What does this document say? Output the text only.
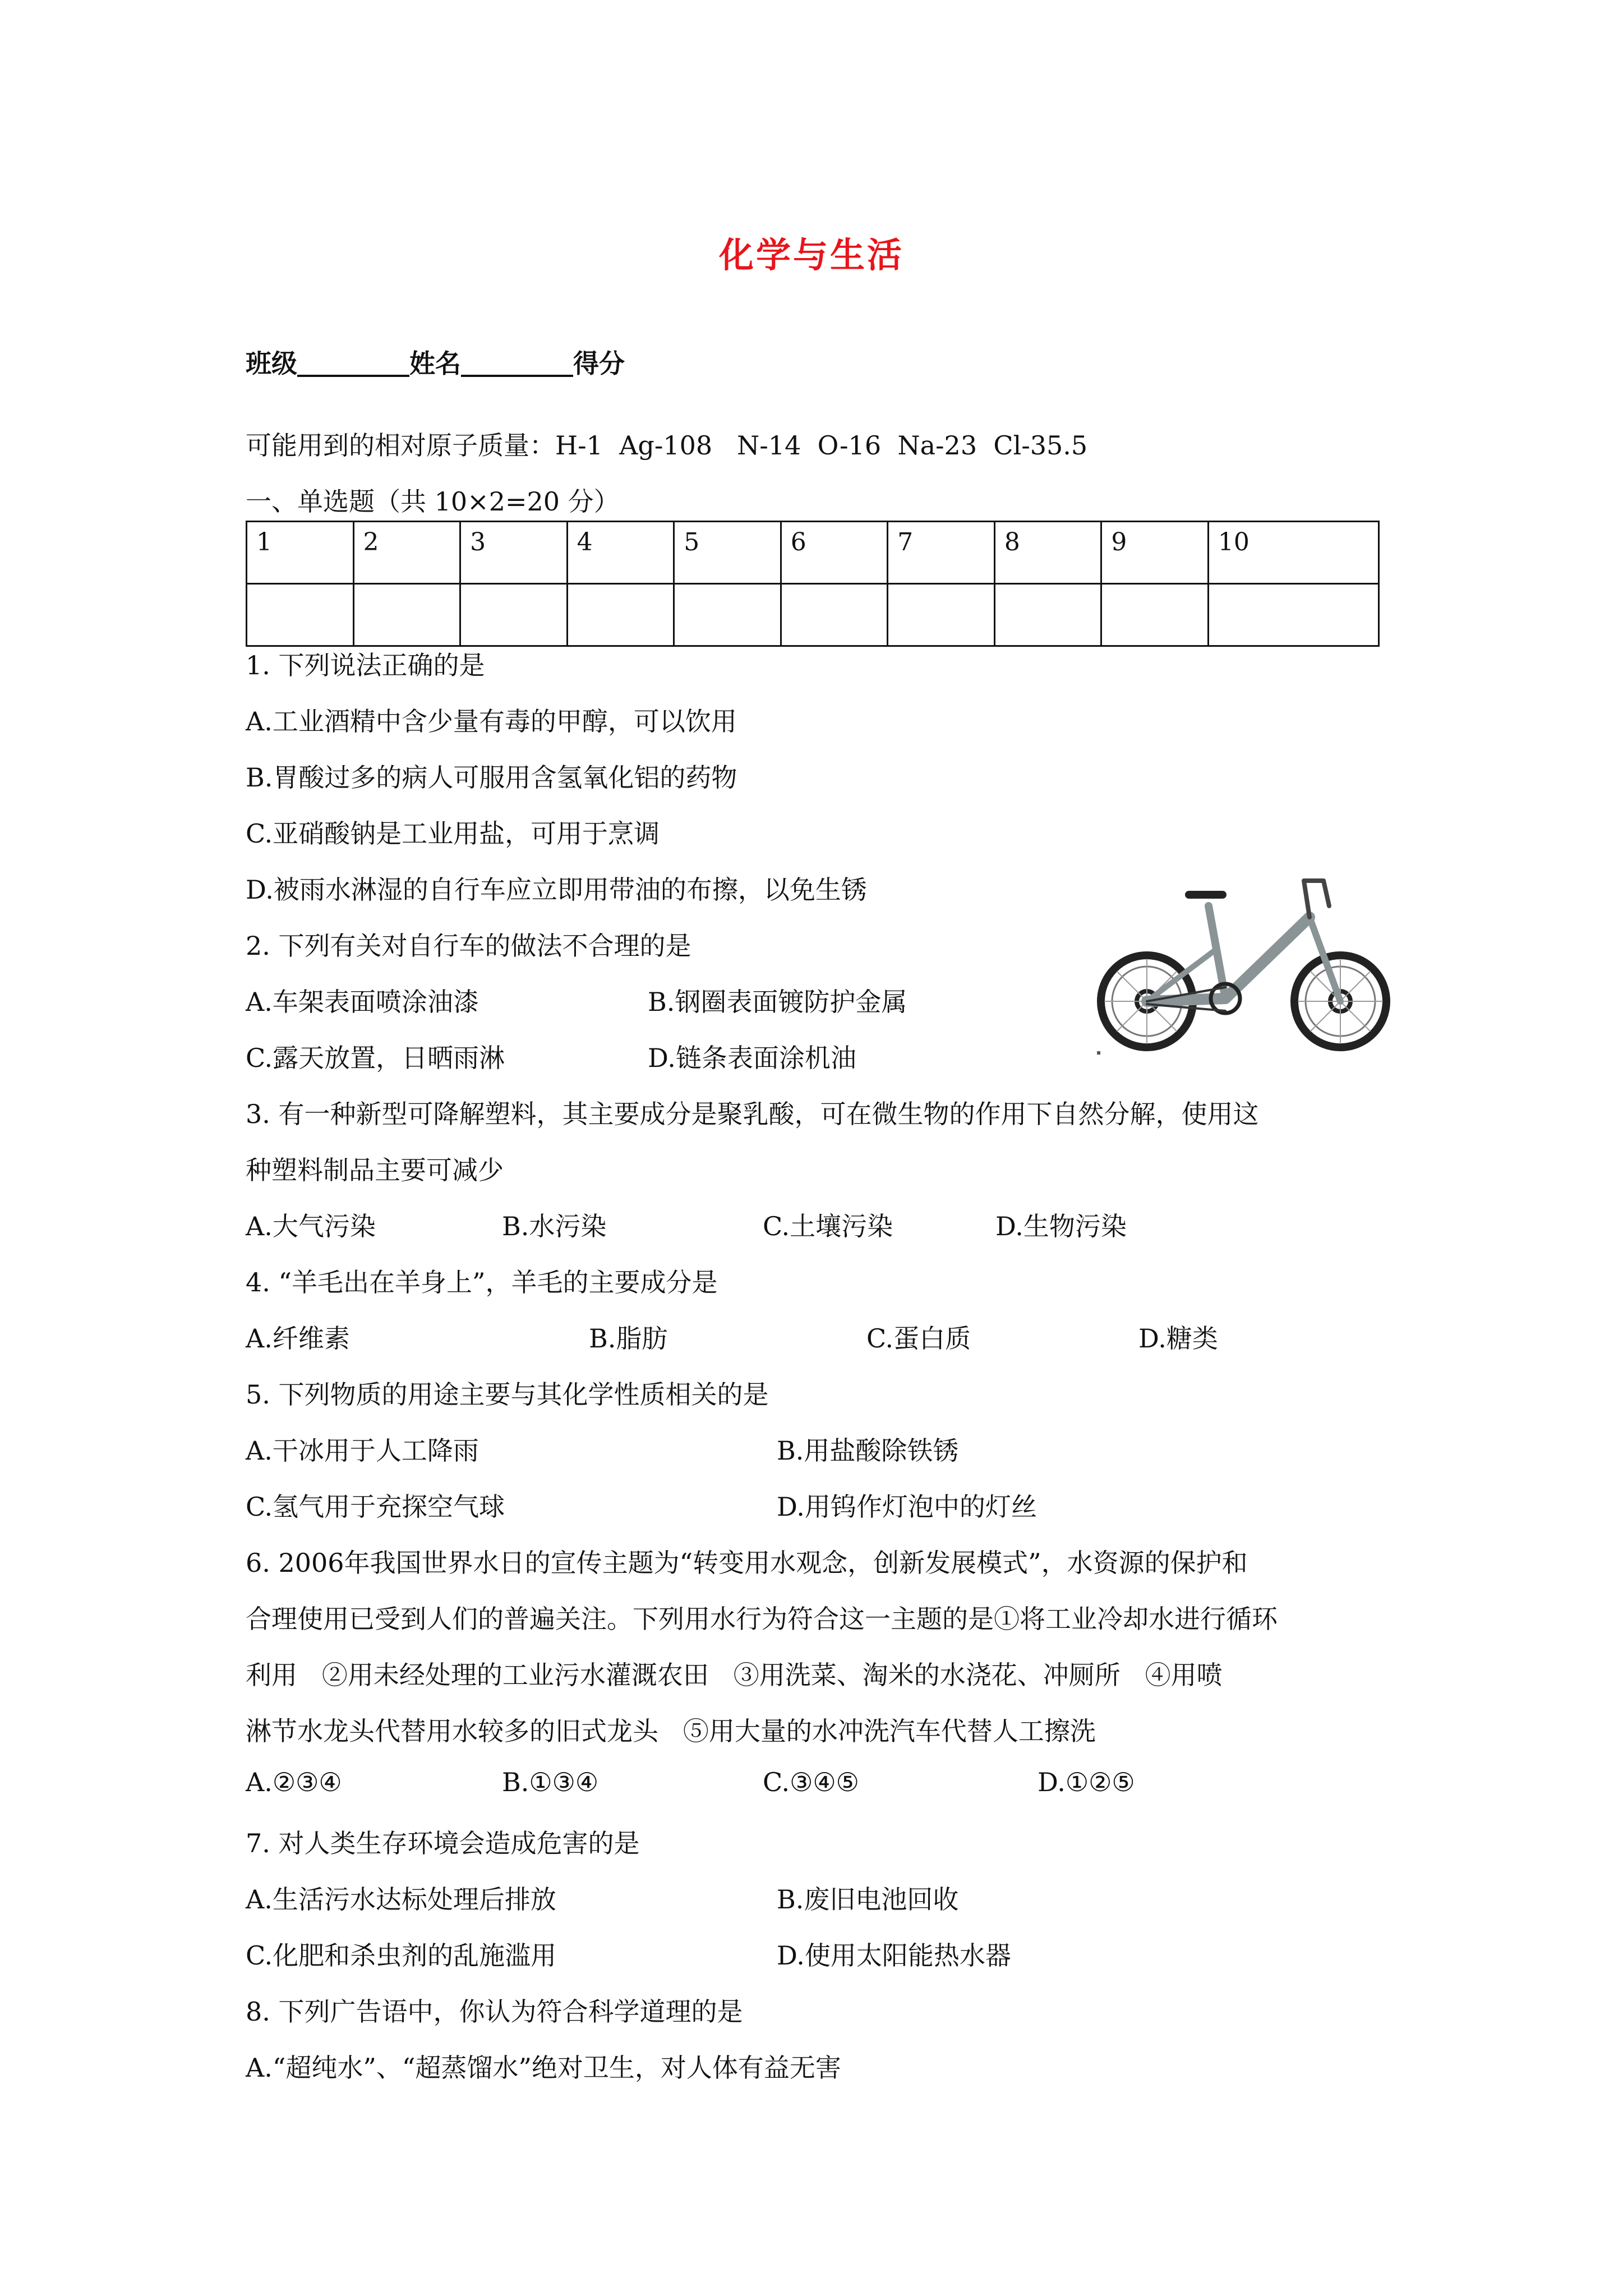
化学与生活
班级	姓名	得分
可能用到的相对原子质量：H-1  Ag-108   N-14  O-16  Na-23  Cl-35.5
一、单选题（共 10×2=20 分）
1	2	3	4	5	6	7	8	9	10

1. 下列说法正确的是
A.工业酒精中含少量有毒的甲醇，可以饮用
B.胃酸过多的病人可服用含氢氧化铝的药物
C.亚硝酸钠是工业用盐，可用于烹调
D.被雨水淋湿的自行车应立即用带油的布擦，以免生锈
2. 下列有关对自行车的做法不合理的是
A.车架表面喷涂油漆	B.钢圈表面镀防护金属
C.露天放置，日晒雨淋	D.链条表面涂机油	▪
3. 有一种新型可降解塑料，其主要成分是聚乳酸，可在微生物的作用下自然分解，使用这
种塑料制品主要可减少
A.大气污染	B.水污染	C.土壤污染	D.生物污染
4. “羊毛出在羊身上”，羊毛的主要成分是
A.纤维素	B.脂肪	C.蛋白质	D.糖类
5. 下列物质的用途主要与其化学性质相关的是
A.干冰用于人工降雨	B.用盐酸除铁锈
C.氢气用于充探空气球	D.用钨作灯泡中的灯丝
6. 2006年我国世界水日的宣传主题为“转变用水观念，创新发展模式”，水资源的保护和
合理使用已受到人们的普遍关注。下列用水行为符合这一主题的是①将工业冷却水进行循环
利用   ②用未经处理的工业污水灌溉农田   ③用洗菜、淘米的水浇花、冲厕所   ④用喷
淋节水龙头代替用水较多的旧式龙头   ⑤用大量的水冲洗汽车代替人工擦洗
A.②③④	B.①③④	C.③④⑤	D.①②⑤
7. 对人类生存环境会造成危害的是
A.生活污水达标处理后排放	B.废旧电池回收
C.化肥和杀虫剂的乱施滥用	D.使用太阳能热水器
8. 下列广告语中，你认为符合科学道理的是
A.“超纯水”、“超蒸馏水”绝对卫生，对人体有益无害
